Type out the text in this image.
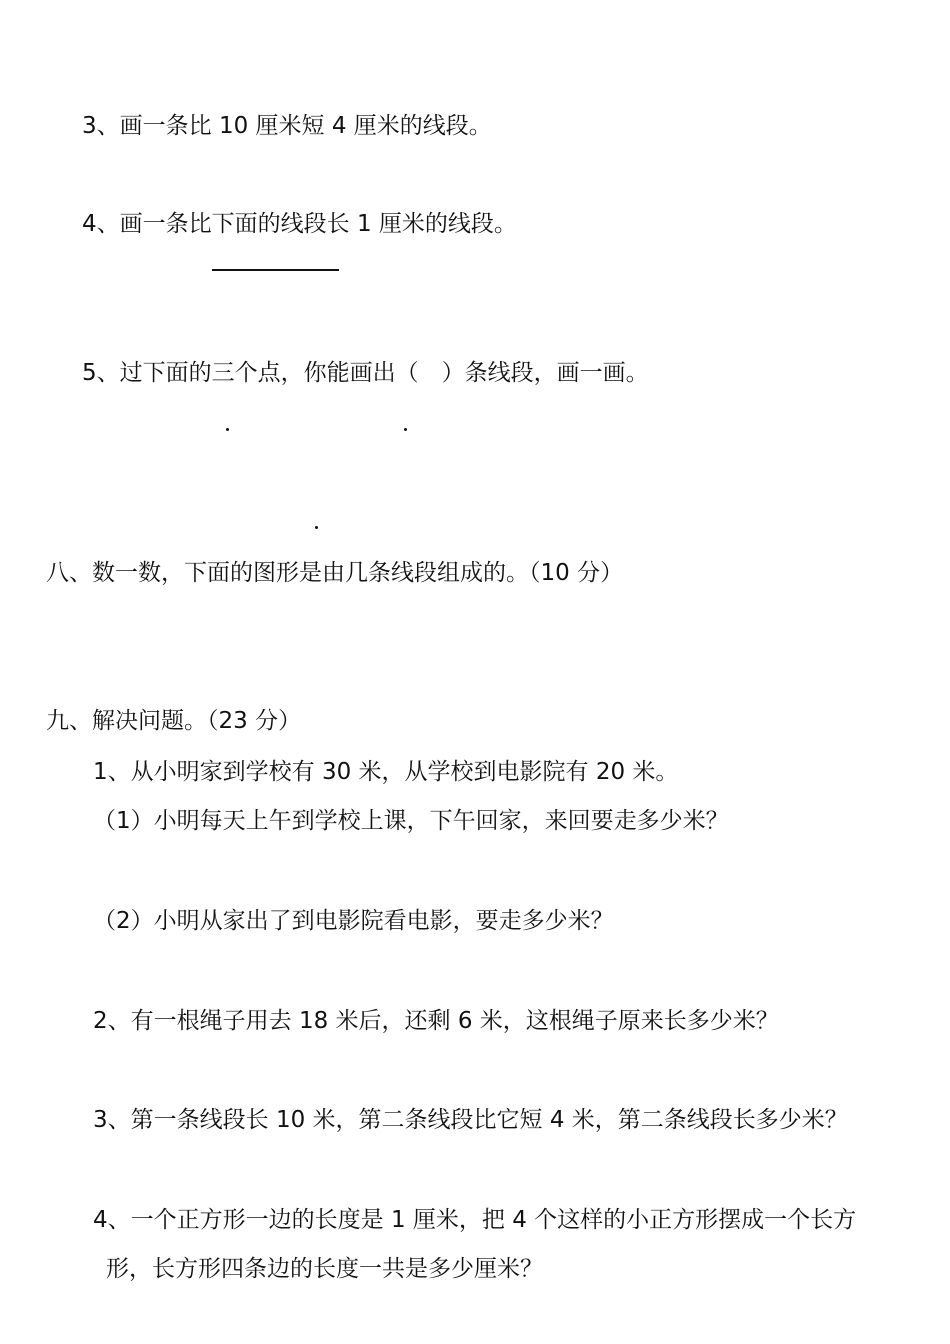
3、画一条比 10 厘米短 4 厘米的线段。
4、画一条比下面的线段长 1 厘米的线段。
5、过下面的三个点，你能画出（　）条线段，画一画。
八、数一数，下面的图形是由几条线段组成的。（10 分）
九、解决问题。（23 分）
1、从小明家到学校有 30 米，从学校到电影院有 20 米。
（1）小明每天上午到学校上课，下午回家，来回要走多少米？
（2）小明从家出了到电影院看电影，要走多少米？
2、有一根绳子用去 18 米后，还剩 6 米，这根绳子原来长多少米？
3、第一条线段长 10 米，第二条线段比它短 4 米，第二条线段长多少米？
4、一个正方形一边的长度是 1 厘米，把 4 个这样的小正方形摆成一个长方
形，长方形四条边的长度一共是多少厘米？
